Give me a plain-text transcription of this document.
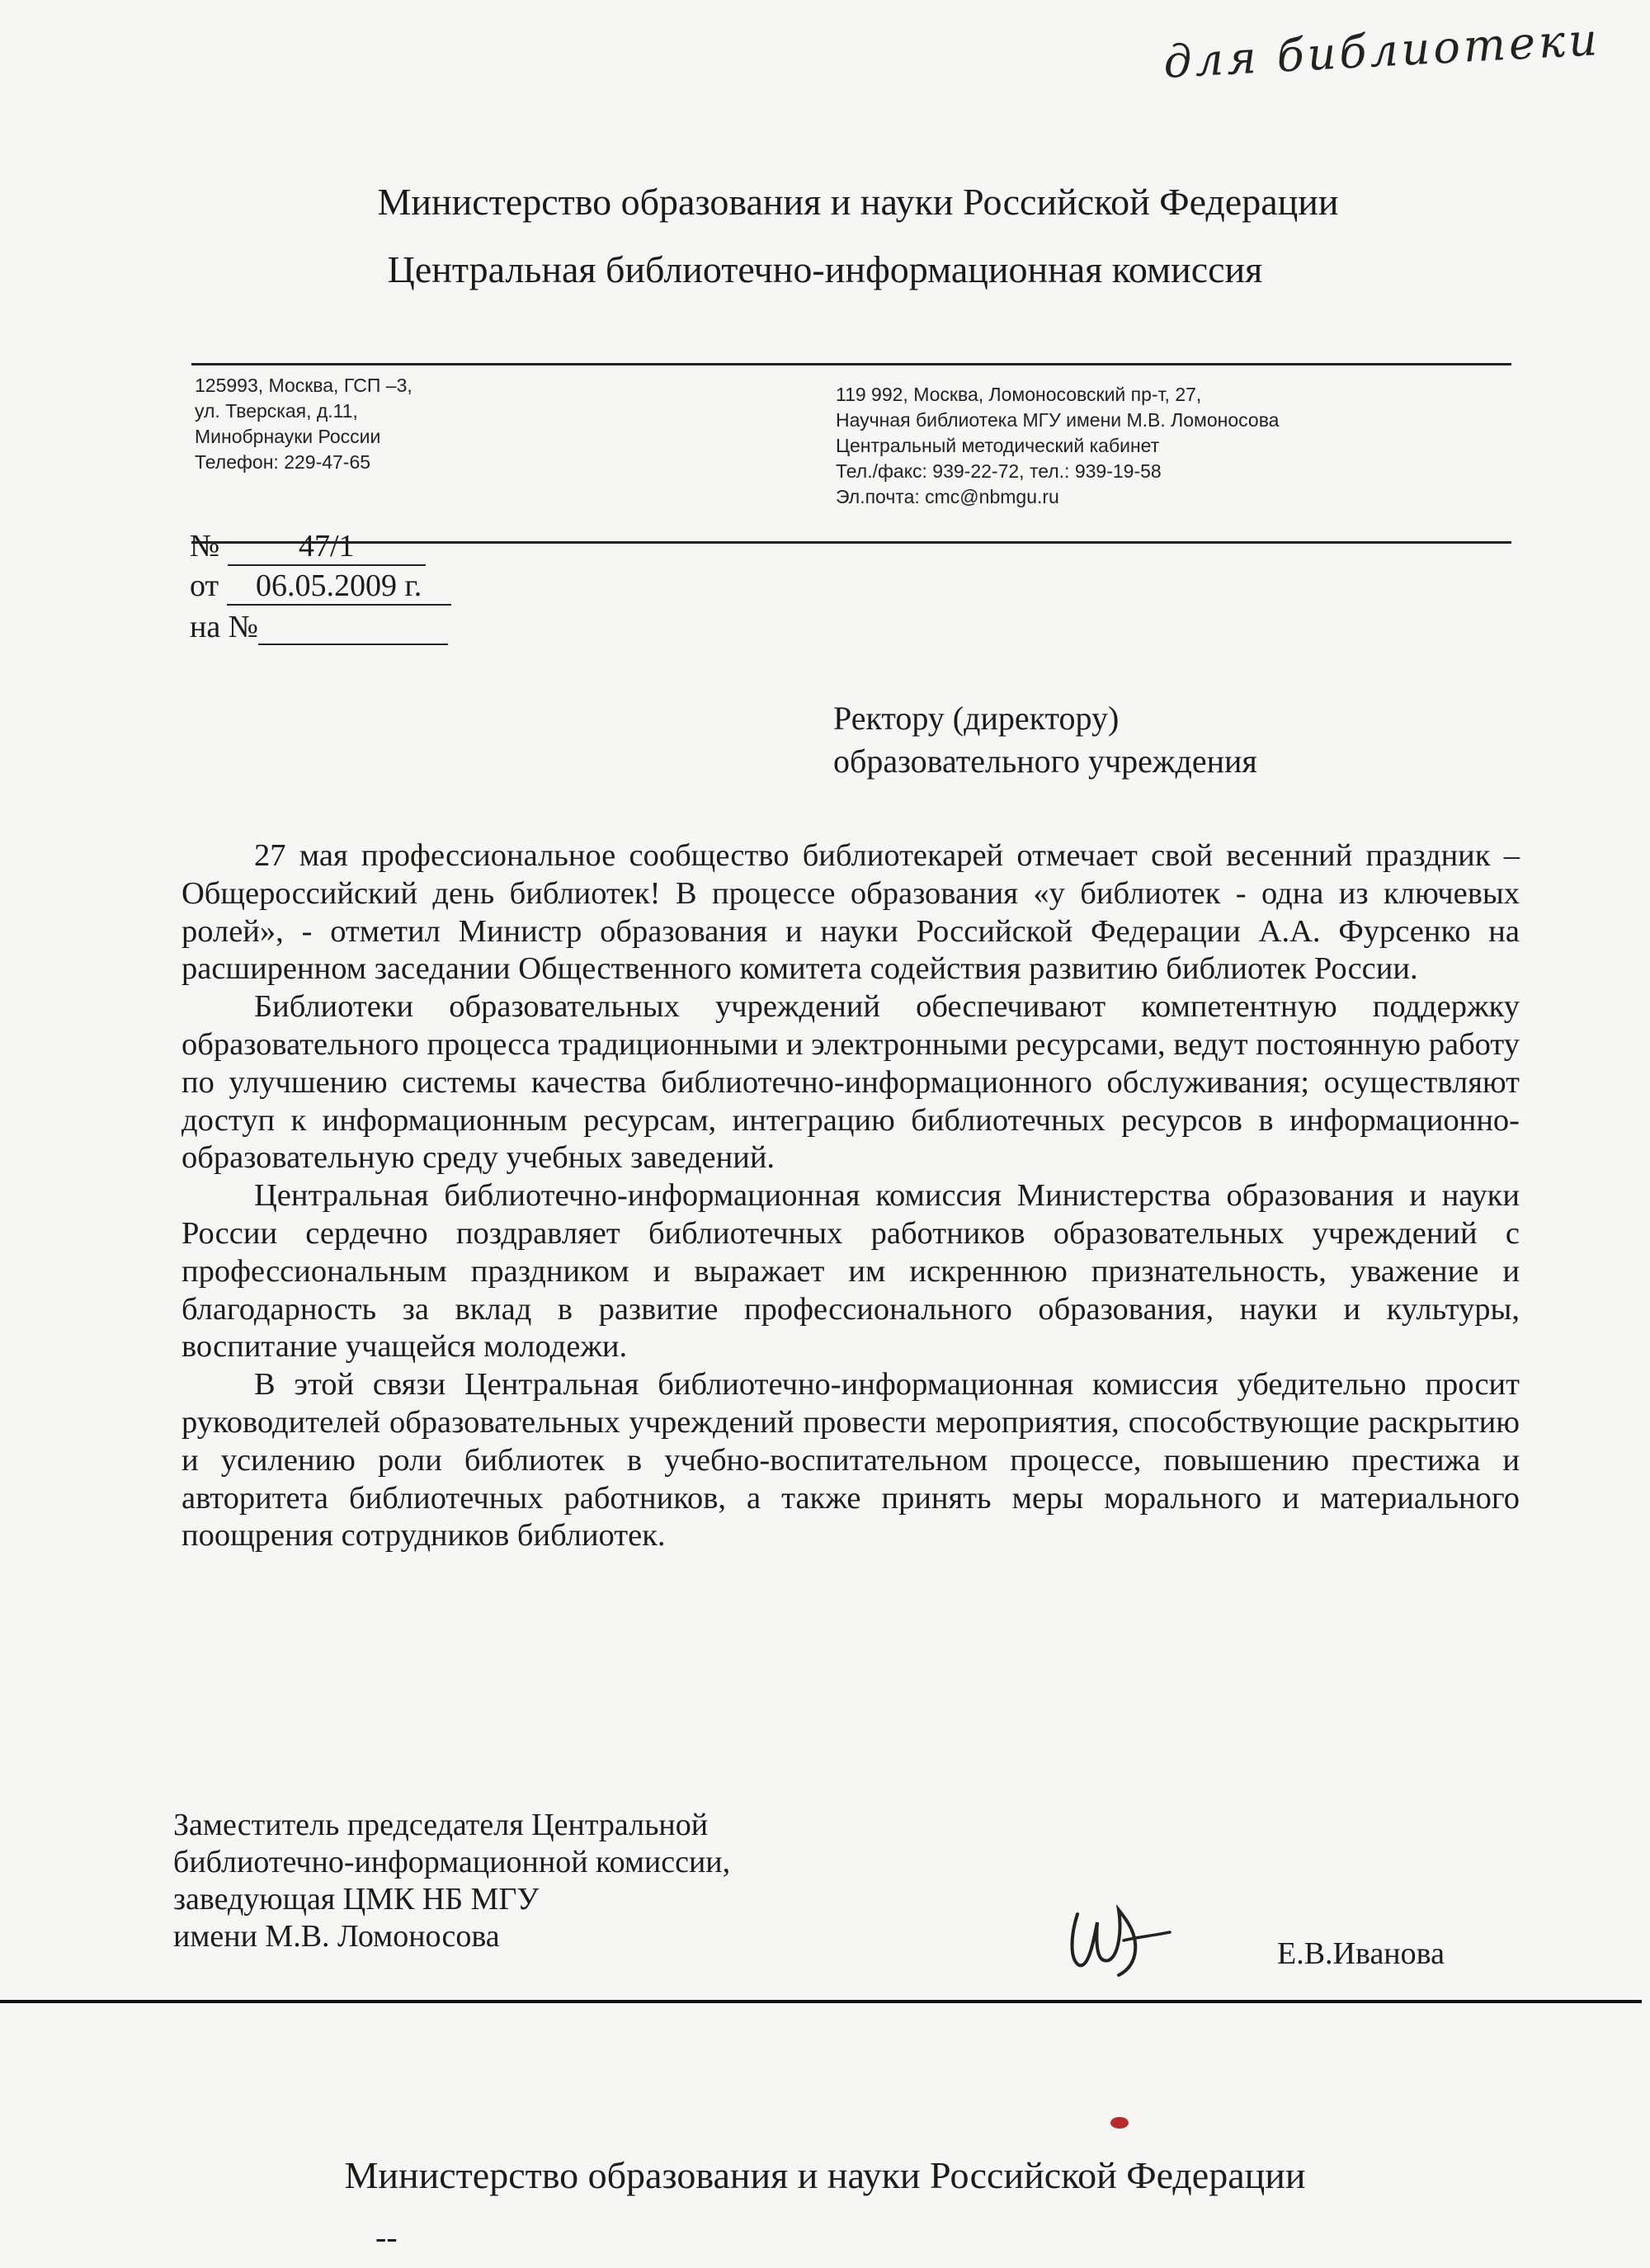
для библиотеки
Министерство образования и науки Российской Федерации
Центральная библиотечно-информационная комиссия
125993, Москва, ГСП –3,
ул. Тверская, д.11,
Минобрнауки России
Телефон: 229-47-65
119 992, Москва, Ломоносовский пр-т, 27,
Научная библиотека МГУ имени М.В. Ломоносова
Центральный методический кабинет
Тел./факс: 939-22-72, тел.: 939-19-58
Эл.почта: cmc@nbmgu.ru
№	47/1
от 06.05.2009 г.
на №
Ректору (директору)
образовательного учреждения

27 мая профессиональное сообщество библиотекарей отмечает свой весенний праздник – Общероссийский день библиотек! В процессе образования «у библиотек - одна из ключевых ролей», - отметил Министр образования и науки Российской Федерации А.А. Фурсенко на расширенном заседании Общественного комитета содействия развитию библиотек России.

Библиотеки образовательных учреждений обеспечивают компетентную поддержку образовательного процесса традиционными и электронными ресурсами, ведут постоянную работу по улучшению системы качества библиотечно-информационного обслуживания; осуществляют доступ к информационным ресурсам, интеграцию библиотечных ресурсов в информационно-образовательную среду учебных заведений.

Центральная библиотечно-информационная комиссия Министерства образования и науки России сердечно поздравляет библиотечных работников образовательных учреждений с профессиональным праздником и выражает им искреннюю признательность, уважение и благодарность за вклад в развитие профессионального образования, науки и культуры, воспитание учащейся молодежи.

В этой связи Центральная библиотечно-информационная комиссия убедительно просит руководителей образовательных учреждений провести мероприятия, способствующие раскрытию и усилению роли библиотек в учебно-воспитательном процессе, повышению престижа и авторитета библиотечных работников, а также принять меры морального и материального поощрения сотрудников библиотек.

Заместитель председателя Центральной
библиотечно-информационной комиссии,
заведующая ЦМК НБ МГУ
имени М.В. Ломоносова	Е.В.Иванова
Министерство образования и науки Российской Федерации
--
